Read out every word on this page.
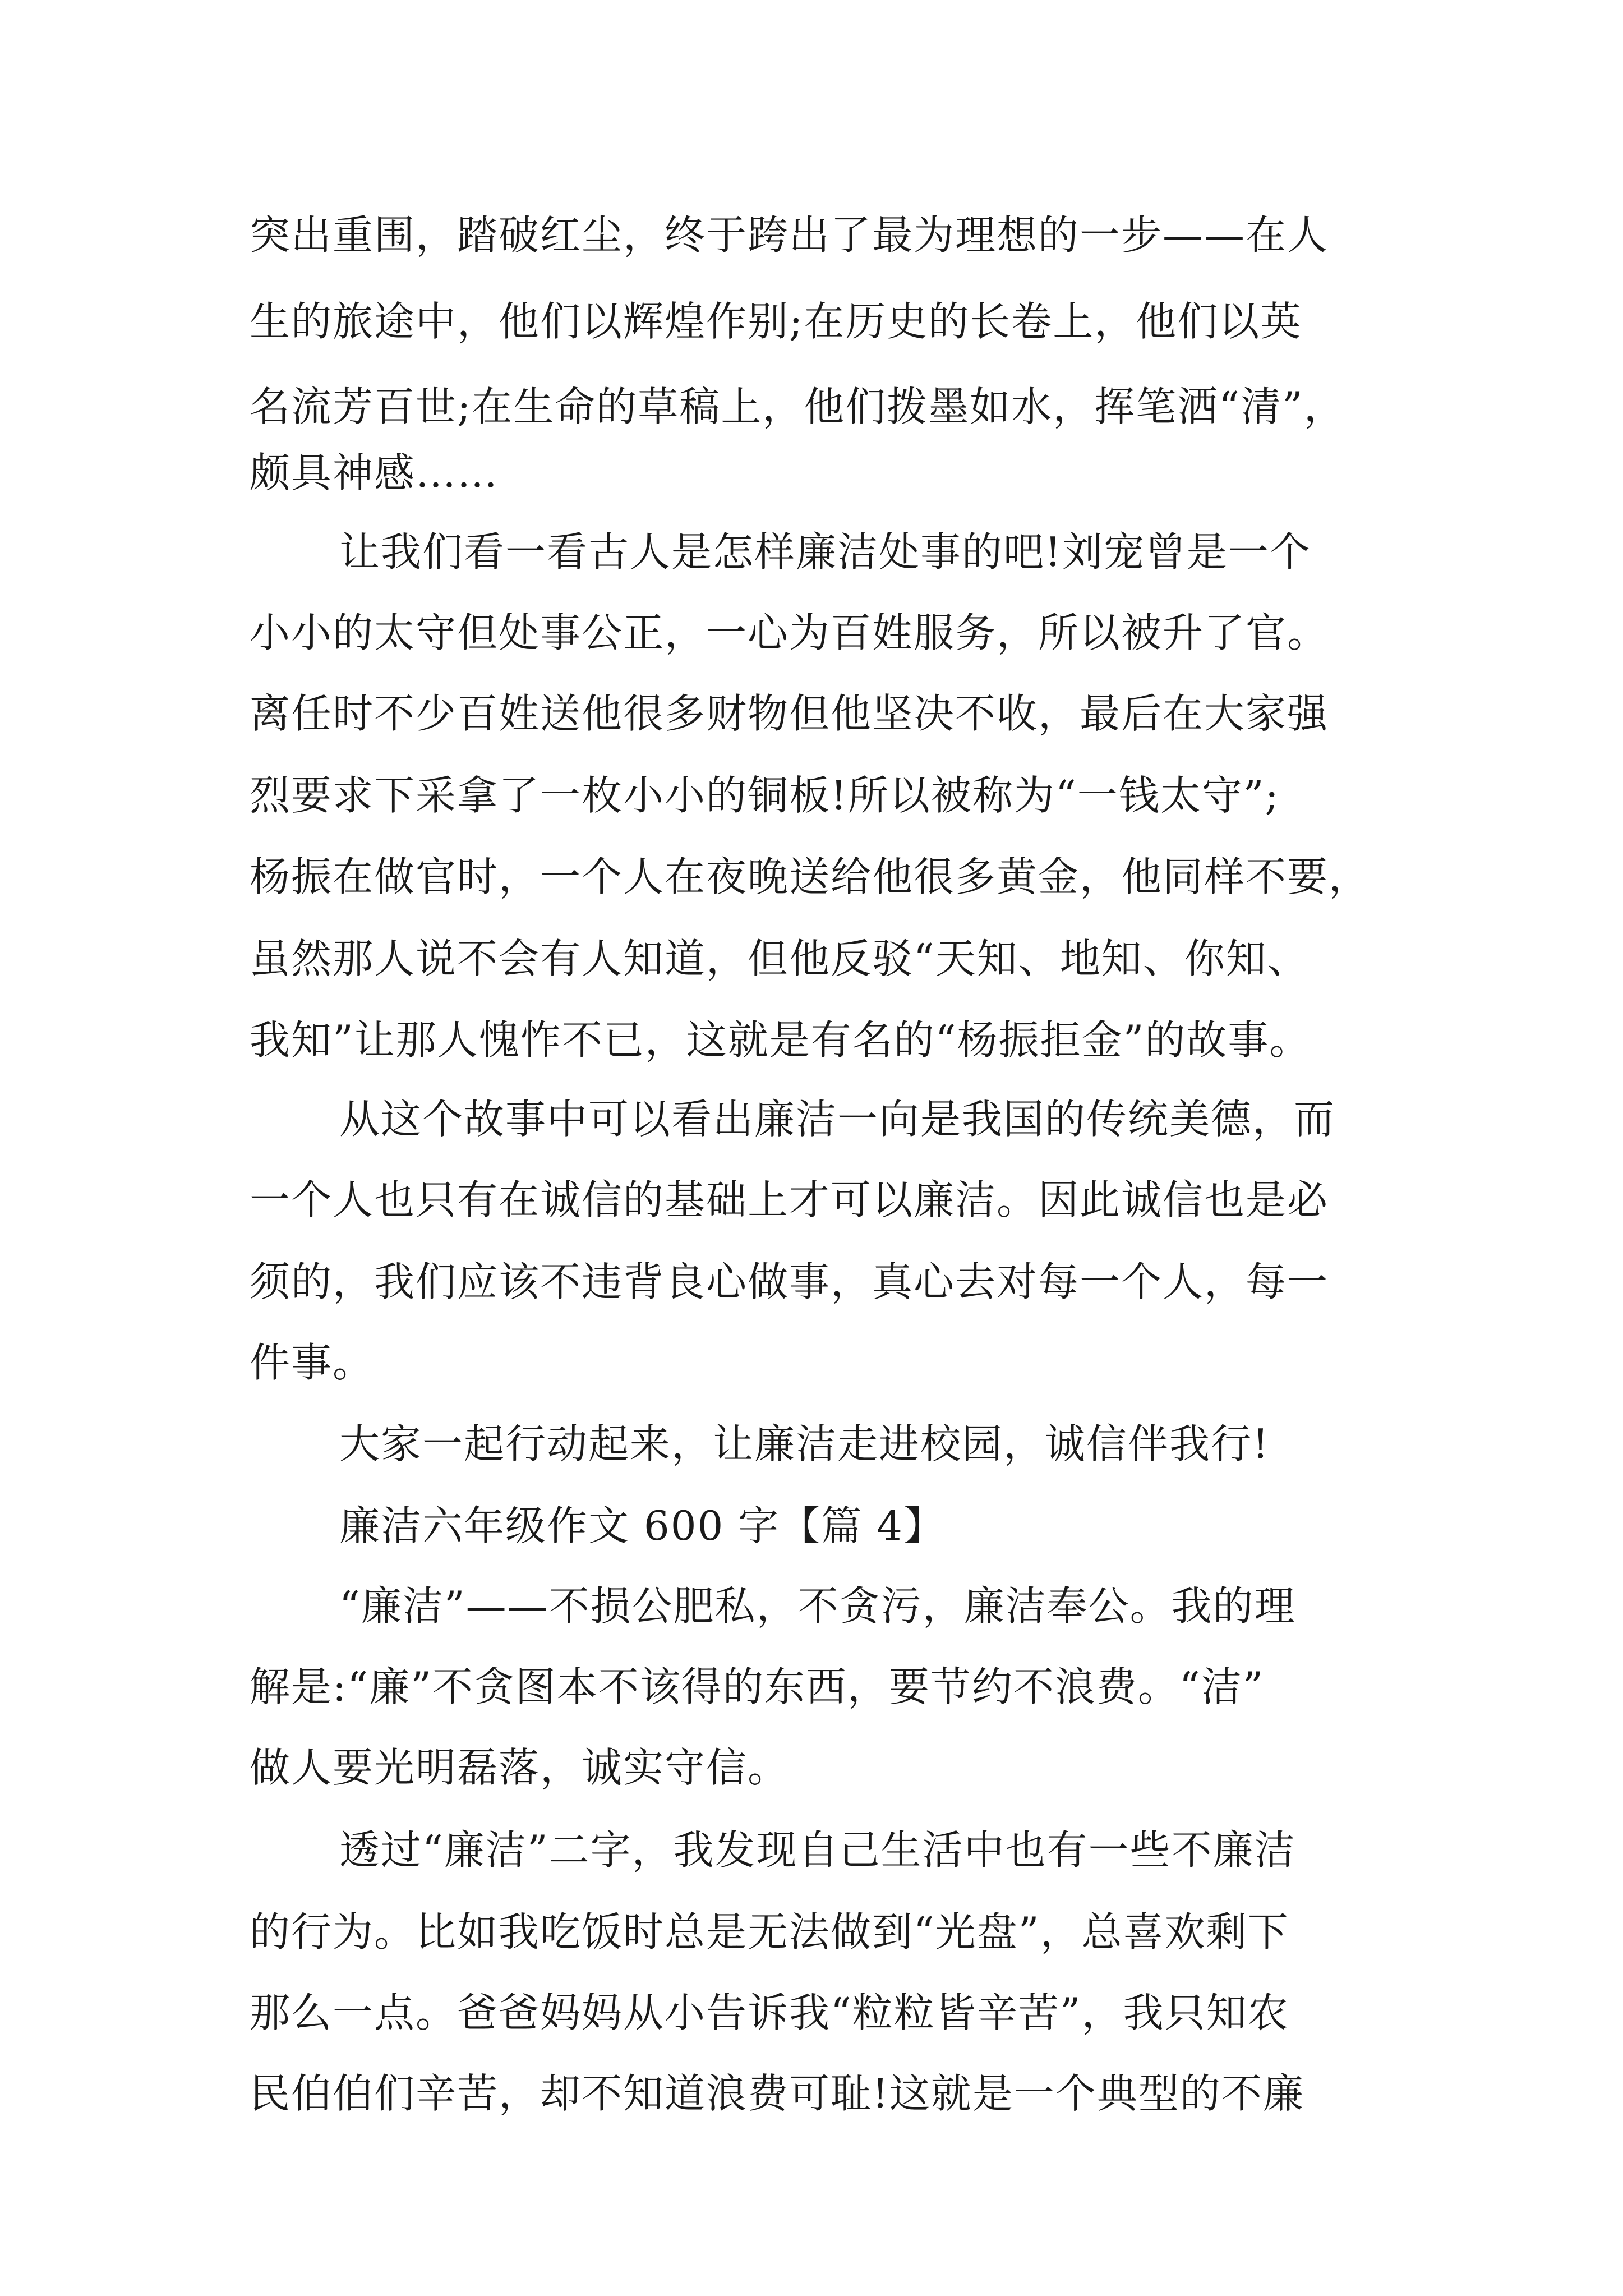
突出重围，踏破红尘，终于跨出了最为理想的一步——在人
生的旅途中，他们以辉煌作别;在历史的长卷上，他们以英
名流芳百世;在生命的草稿上，他们拨墨如水，挥笔洒“清”，
颇具神感……
让我们看一看古人是怎样廉洁处事的吧!刘宠曾是一个
小小的太守但处事公正，一心为百姓服务，所以被升了官。
离任时不少百姓送他很多财物但他坚决不收，最后在大家强
烈要求下采拿了一枚小小的铜板!所以被称为“一钱太守”;
杨振在做官时，一个人在夜晚送给他很多黄金，他同样不要，
虽然那人说不会有人知道，但他反驳“天知、地知、你知、
我知”让那人愧怍不已，这就是有名的“杨振拒金”的故事。
从这个故事中可以看出廉洁一向是我国的传统美德，而
一个人也只有在诚信的基础上才可以廉洁。因此诚信也是必
须的，我们应该不违背良心做事，真心去对每一个人，每一
件事。
大家一起行动起来，让廉洁走进校园，诚信伴我行!
廉洁六年级作文 600 字【篇 4】
“廉洁”——不损公肥私，不贪污，廉洁奉公。我的理
解是:“廉”不贪图本不该得的东西，要节约不浪费。“洁”
做人要光明磊落，诚实守信。
透过“廉洁”二字，我发现自己生活中也有一些不廉洁
的行为。比如我吃饭时总是无法做到“光盘”，总喜欢剩下
那么一点。爸爸妈妈从小告诉我“粒粒皆辛苦”，我只知农
民伯伯们辛苦，却不知道浪费可耻!这就是一个典型的不廉
